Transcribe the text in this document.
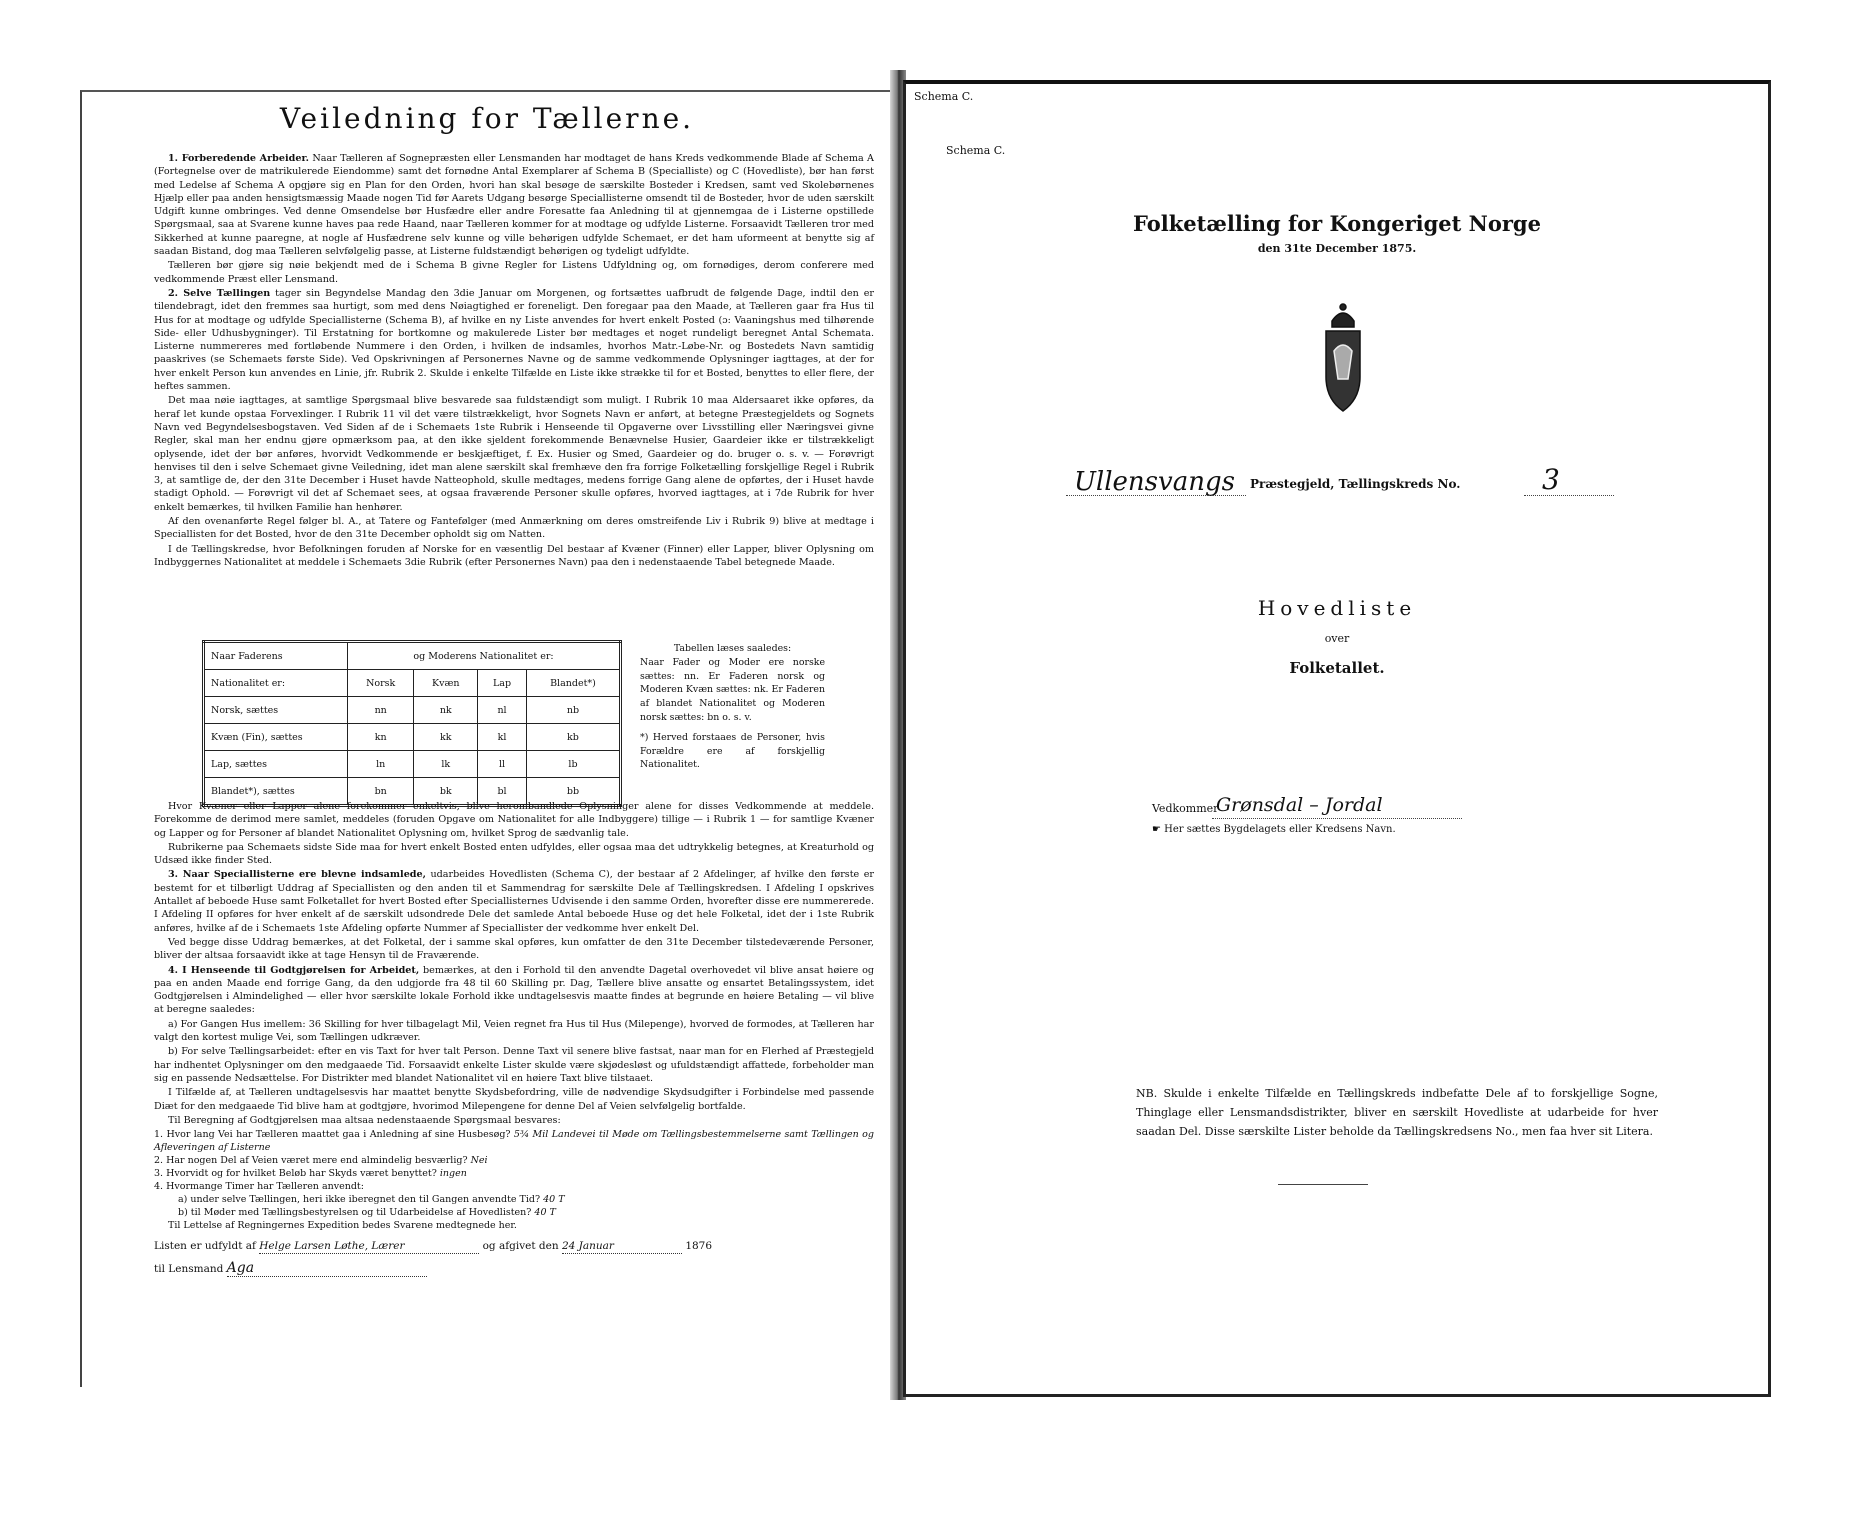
Veiledning for Tællerne.

1. Forberedende Arbeider. Naar Tælleren af Sognepræsten eller Lensmanden har modtaget de hans Kreds vedkommende Blade af Schema A (Fortegnelse over de matrikulerede Eiendomme) samt det fornødne Antal Exemplarer af Schema B (Specialliste) og C (Hovedliste), bør han først med Ledelse af Schema A opgjøre sig en Plan for den Orden, hvori han skal besøge de særskilte Bosteder i Kredsen, samt ved Skolebørnenes Hjælp eller paa anden hensigtsmæssig Maade nogen Tid før Aarets Udgang besørge Speciallisterne omsendt til de Bosteder, hvor de uden særskilt Udgift kunne ombringes. Ved denne Omsendelse bør Husfædre eller andre Foresatte faa Anledning til at gjennemgaa de i Listerne opstillede Spørgsmaal, saa at Svarene kunne haves paa rede Haand, naar Tælleren kommer for at modtage og udfylde Listerne. Forsaavidt Tælleren tror med Sikkerhed at kunne paaregne, at nogle af Husfædrene selv kunne og ville behørigen udfylde Schemaet, er det ham uformeent at benytte sig af saadan Bistand, dog maa Tælleren selvfølgelig passe, at Listerne fuldstændigt behørigen og tydeligt udfyldte.

Tælleren bør gjøre sig nøie bekjendt med de i Schema B givne Regler for Listens Udfyldning og, om fornødiges, derom conferere med vedkommende Præst eller Lensmand.

2. Selve Tællingen tager sin Begyndelse Mandag den 3die Januar om Morgenen, og fortsættes uafbrudt de følgende Dage, indtil den er tilendebragt, idet den fremmes saa hurtigt, som med dens Nøiagtighed er foreneligt. Den foregaar paa den Maade, at Tælleren gaar fra Hus til Hus for at modtage og udfylde Speciallisterne (Schema B), af hvilke en ny Liste anvendes for hvert enkelt Posted (ɔ: Vaaningshus med tilhørende Side- eller Udhusbygninger). Til Erstatning for bortkomne og makulerede Lister bør medtages et noget rundeligt beregnet Antal Schemata. Listerne nummereres med fortløbende Nummere i den Orden, i hvilken de indsamles, hvorhos Matr.-Løbe-Nr. og Bostedets Navn samtidig paaskrives (se Schemaets første Side). Ved Opskrivningen af Personernes Navne og de samme vedkommende Oplysninger iagttages, at der for hver enkelt Person kun anvendes en Linie, jfr. Rubrik 2. Skulde i enkelte Tilfælde en Liste ikke strække til for et Bosted, benyttes to eller flere, der heftes sammen.

Det maa nøie iagttages, at samtlige Spørgsmaal blive besvarede saa fuldstændigt som muligt. I Rubrik 10 maa Aldersaaret ikke opføres, da heraf let kunde opstaa Forvexlinger. I Rubrik 11 vil det være tilstrækkeligt, hvor Sognets Navn er anført, at betegne Præstegjeldets og Sognets Navn ved Begyndelsesbogstaven. Ved Siden af de i Schemaets 1ste Rubrik i Henseende til Opgaverne over Livsstilling eller Næringsvei givne Regler, skal man her endnu gjøre opmærksom paa, at den ikke sjeldent forekommende Benævnelse Husier, Gaardeier ikke er tilstrækkeligt oplysende, idet der bør anføres, hvorvidt Vedkommende er beskjæftiget, f. Ex. Husier og Smed, Gaardeier og do. bruger o. s. v. — Forøvrigt henvises til den i selve Schemaet givne Veiledning, idet man alene særskilt skal fremhæve den fra forrige Folketælling forskjellige Regel i Rubrik 3, at samtlige de, der den 31te December i Huset havde Natteophold, skulle medtages, medens forrige Gang alene de opførtes, der i Huset havde stadigt Ophold. — Forøvrigt vil det af Schemaet sees, at ogsaa fraværende Personer skulle opføres, hvorved iagttages, at i 7de Rubrik for hver enkelt bemærkes, til hvilken Familie han henhører.

Af den ovenanførte Regel følger bl. A., at Tatere og Fantefølger (med Anmærkning om deres omstreifende Liv i Rubrik 9) blive at medtage i Speciallisten for det Bosted, hvor de den 31te December opholdt sig om Natten.

I de Tællingskredse, hvor Befolkningen foruden af Norske for en væsentlig Del bestaar af Kvæner (Finner) eller Lapper, bliver Oplysning om Indbyggernes Nationalitet at meddele i Schemaets 3die Rubrik (efter Personernes Navn) paa den i nedenstaaende Tabel betegnede Maade.

Naar Faderens	og Moderens Nationalitet er:			
Nationalitet er:	Norsk	Kvæn	Lap	Blandet*)
Norsk, sættes	nn	nk	nl	nb
Kvæn (Fin), sættes	kn	kk	kl	kb
Lap, sættes	ln	lk	ll	lb
Blandet*), sættes	bn	bk	bl	bb
Tabellen læses saaledes:
Naar Fader og Moder ere norske sættes: nn. Er Faderen norsk og Moderen Kvæn sættes: nk. Er Faderen af blandet Nationalitet og Moderen norsk sættes: bn o. s. v.
*) Herved forstaaes de Personer, hvis Forældre ere af forskjellig Nationalitet.

Hvor Kvæner eller Lapper alene forekommer enkeltvis, blive herombandlede Oplysninger alene for disses Vedkommende at meddele. Forekomme de derimod mere samlet, meddeles (foruden Opgave om Nationalitet for alle Indbyggere) tillige — i Rubrik 1 — for samtlige Kvæner og Lapper og for Personer af blandet Nationalitet Oplysning om, hvilket Sprog de sædvanlig tale.

Rubrikerne paa Schemaets sidste Side maa for hvert enkelt Bosted enten udfyldes, eller ogsaa maa det udtrykkelig betegnes, at Kreaturhold og Udsæd ikke finder Sted.

3. Naar Speciallisterne ere blevne indsamlede, udarbeides Hovedlisten (Schema C), der bestaar af 2 Afdelinger, af hvilke den første er bestemt for et tilbørligt Uddrag af Speciallisten og den anden til et Sammendrag for særskilte Dele af Tællingskredsen. I Afdeling I opskrives Antallet af beboede Huse samt Folketallet for hvert Bosted efter Speciallisternes Udvisende i den samme Orden, hvorefter disse ere nummererede. I Afdeling II opføres for hver enkelt af de særskilt udsondrede Dele det samlede Antal beboede Huse og det hele Folketal, idet der i 1ste Rubrik anføres, hvilke af de i Schemaets 1ste Afdeling opførte Nummer af Speciallister der vedkomme hver enkelt Del.

Ved begge disse Uddrag bemærkes, at det Folketal, der i samme skal opføres, kun omfatter de den 31te December tilstedeværende Personer, bliver der altsaa forsaavidt ikke at tage Hensyn til de Fraværende.

4. I Henseende til Godtgjørelsen for Arbeidet, bemærkes, at den i Forhold til den anvendte Dagetal overhovedet vil blive ansat høiere og paa en anden Maade end forrige Gang, da den udgjorde fra 48 til 60 Skilling pr. Dag, Tællere blive ansatte og ensartet Betalingssystem, idet Godtgjørelsen i Almindelighed — eller hvor særskilte lokale Forhold ikke undtagelsesvis maatte findes at begrunde en høiere Betaling — vil blive at beregne saaledes:

a) For Gangen Hus imellem: 36 Skilling for hver tilbagelagt Mil, Veien regnet fra Hus til Hus (Milepenge), hvorved de formodes, at Tælleren har valgt den kortest mulige Vei, som Tællingen udkræver.

b) For selve Tællingsarbeidet: efter en vis Taxt for hver talt Person. Denne Taxt vil senere blive fastsat, naar man for en Flerhed af Præstegjeld har indhentet Oplysninger om den medgaaede Tid. Forsaavidt enkelte Lister skulde være skjødesløst og ufuldstændigt affattede, forbeholder man sig en passende Nedsættelse. For Distrikter med blandet Nationalitet vil en høiere Taxt blive tilstaaet.

I Tilfælde af, at Tælleren undtagelsesvis har maattet benytte Skydsbefordring, ville de nødvendige Skydsudgifter i Forbindelse med passende Diæt for den medgaaede Tid blive ham at godtgjøre, hvorimod Milepengene for denne Del af Veien selvfølgelig bortfalde.

Til Beregning af Godtgjørelsen maa altsaa nedenstaaende Spørgsmaal besvares:

1. Hvor lang Vei har Tælleren maattet gaa i Anledning af sine Husbesøg? 5¾ Mil Landevei til Møde om Tællingsbestemmelserne samt Tællingen og Afleveringen af Listerne
2. Har nogen Del af Veien været mere end almindelig besværlig? Nei
3. Hvorvidt og for hvilket Beløb har Skyds været benyttet? ingen
4. Hvormange Timer har Tælleren anvendt:
a) under selve Tællingen, heri ikke iberegnet den til Gangen anvendte Tid? 40 T
b) til Møder med Tællingsbestyrelsen og til Udarbeidelse af Hovedlisten? 40 T
Til Lettelse af Regningernes Expedition bedes Svarene medtegnede her.
Listen er udfyldt af Helge Larsen Løthe, Lærer	og afgivet den 24 Januar	1876
til Lensmand Aga
Schema C.
Schema C.
Folketælling for Kongeriget Norge
den 31te December 1875.
Ullensvangs Præstegjeld, Tællingskreds No.	3
Hovedliste
over
Folketallet.
Vedkommer
Grønsdal – Jordal
☛ Her sættes Bygdelagets eller Kredsens Navn.
NB. Skulde i enkelte Tilfælde en Tællingskreds indbefatte Dele af to forskjellige Sogne, Thinglage eller Lensmandsdistrikter, bliver en særskilt Hovedliste at udarbeide for hver saadan Del. Disse særskilte Lister beholde da Tællingskredsens No., men faa hver sit Litera.
